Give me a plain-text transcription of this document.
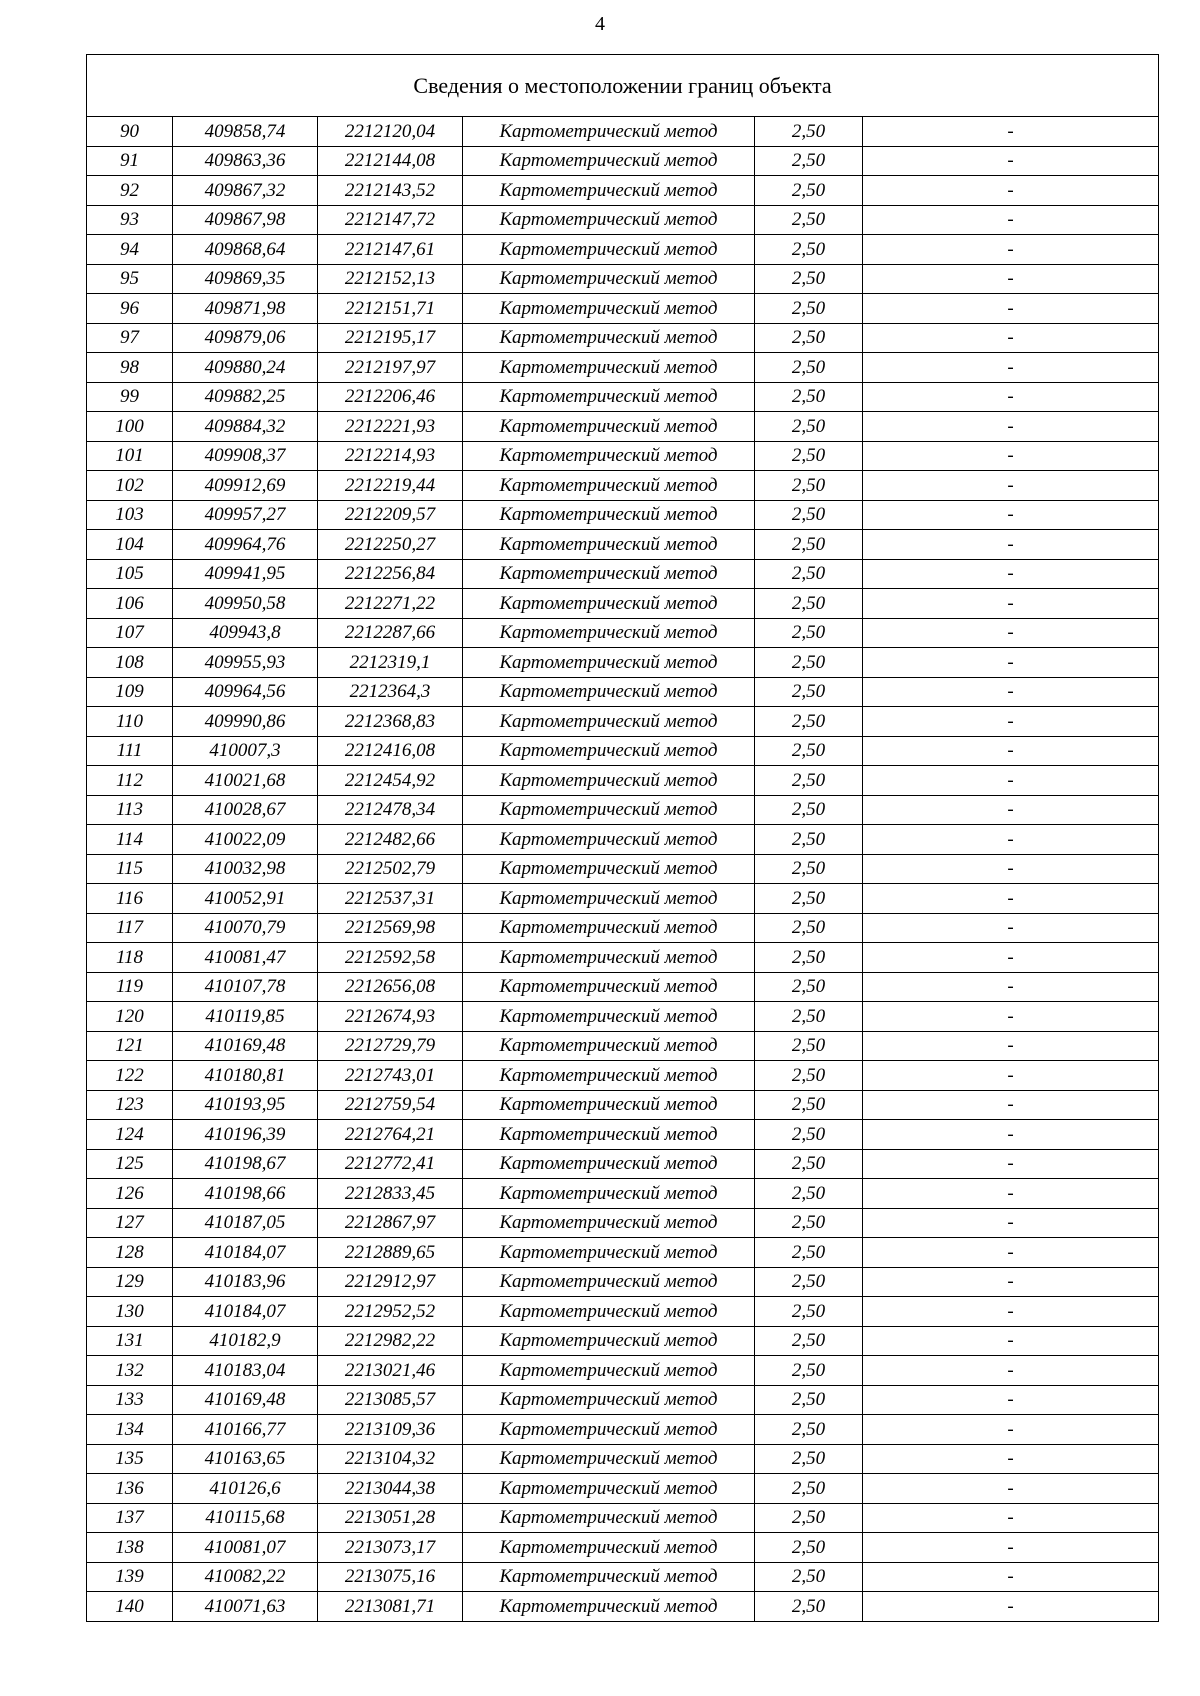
4
Сведения о местоположении границ объекта					
90	409858,74	2212120,04	Картометрический метод	2,50	-
91	409863,36	2212144,08	Картометрический метод	2,50	-
92	409867,32	2212143,52	Картометрический метод	2,50	-
93	409867,98	2212147,72	Картометрический метод	2,50	-
94	409868,64	2212147,61	Картометрический метод	2,50	-
95	409869,35	2212152,13	Картометрический метод	2,50	-
96	409871,98	2212151,71	Картометрический метод	2,50	-
97	409879,06	2212195,17	Картометрический метод	2,50	-
98	409880,24	2212197,97	Картометрический метод	2,50	-
99	409882,25	2212206,46	Картометрический метод	2,50	-
100	409884,32	2212221,93	Картометрический метод	2,50	-
101	409908,37	2212214,93	Картометрический метод	2,50	-
102	409912,69	2212219,44	Картометрический метод	2,50	-
103	409957,27	2212209,57	Картометрический метод	2,50	-
104	409964,76	2212250,27	Картометрический метод	2,50	-
105	409941,95	2212256,84	Картометрический метод	2,50	-
106	409950,58	2212271,22	Картометрический метод	2,50	-
107	409943,8	2212287,66	Картометрический метод	2,50	-
108	409955,93	2212319,1	Картометрический метод	2,50	-
109	409964,56	2212364,3	Картометрический метод	2,50	-
110	409990,86	2212368,83	Картометрический метод	2,50	-
111	410007,3	2212416,08	Картометрический метод	2,50	-
112	410021,68	2212454,92	Картометрический метод	2,50	-
113	410028,67	2212478,34	Картометрический метод	2,50	-
114	410022,09	2212482,66	Картометрический метод	2,50	-
115	410032,98	2212502,79	Картометрический метод	2,50	-
116	410052,91	2212537,31	Картометрический метод	2,50	-
117	410070,79	2212569,98	Картометрический метод	2,50	-
118	410081,47	2212592,58	Картометрический метод	2,50	-
119	410107,78	2212656,08	Картометрический метод	2,50	-
120	410119,85	2212674,93	Картометрический метод	2,50	-
121	410169,48	2212729,79	Картометрический метод	2,50	-
122	410180,81	2212743,01	Картометрический метод	2,50	-
123	410193,95	2212759,54	Картометрический метод	2,50	-
124	410196,39	2212764,21	Картометрический метод	2,50	-
125	410198,67	2212772,41	Картометрический метод	2,50	-
126	410198,66	2212833,45	Картометрический метод	2,50	-
127	410187,05	2212867,97	Картометрический метод	2,50	-
128	410184,07	2212889,65	Картометрический метод	2,50	-
129	410183,96	2212912,97	Картометрический метод	2,50	-
130	410184,07	2212952,52	Картометрический метод	2,50	-
131	410182,9	2212982,22	Картометрический метод	2,50	-
132	410183,04	2213021,46	Картометрический метод	2,50	-
133	410169,48	2213085,57	Картометрический метод	2,50	-
134	410166,77	2213109,36	Картометрический метод	2,50	-
135	410163,65	2213104,32	Картометрический метод	2,50	-
136	410126,6	2213044,38	Картометрический метод	2,50	-
137	410115,68	2213051,28	Картометрический метод	2,50	-
138	410081,07	2213073,17	Картометрический метод	2,50	-
139	410082,22	2213075,16	Картометрический метод	2,50	-
140	410071,63	2213081,71	Картометрический метод	2,50	-
